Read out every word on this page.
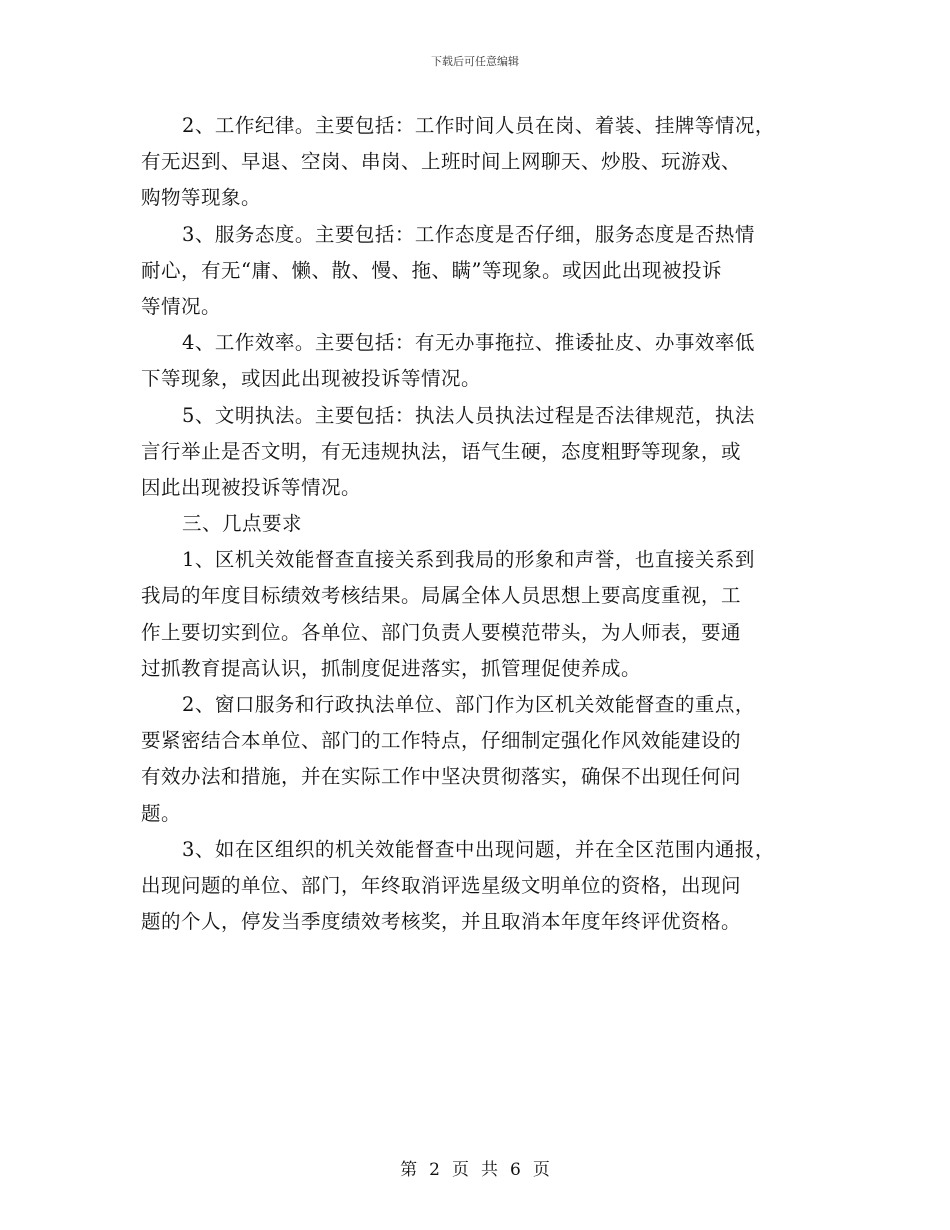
下载后可任意编辑
2、工作纪律。主要包括：工作时间人员在岗、着装、挂牌等情况，
有无迟到、早退、空岗、串岗、上班时间上网聊天、炒股、玩游戏、
购物等现象。
3、服务态度。主要包括：工作态度是否仔细，服务态度是否热情
耐心，有无“庸、懒、散、慢、拖、瞒”等现象。或因此出现被投诉
等情况。
4、工作效率。主要包括：有无办事拖拉、推诿扯皮、办事效率低
下等现象，或因此出现被投诉等情况。
5、文明执法。主要包括：执法人员执法过程是否法律规范，执法
言行举止是否文明，有无违规执法，语气生硬，态度粗野等现象，或
因此出现被投诉等情况。
三、几点要求
1、区机关效能督查直接关系到我局的形象和声誉，也直接关系到
我局的年度目标绩效考核结果。局属全体人员思想上要高度重视，工
作上要切实到位。各单位、部门负责人要模范带头，为人师表，要通
过抓教育提高认识，抓制度促进落实，抓管理促使养成。
2、窗口服务和行政执法单位、部门作为区机关效能督查的重点，
要紧密结合本单位、部门的工作特点，仔细制定强化作风效能建设的
有效办法和措施，并在实际工作中坚决贯彻落实，确保不出现任何问
题。
3、如在区组织的机关效能督查中出现问题，并在全区范围内通报，
出现问题的单位、部门，年终取消评选星级文明单位的资格，出现问
题的个人，停发当季度绩效考核奖，并且取消本年度年终评优资格。
第 2 页 共 6 页
